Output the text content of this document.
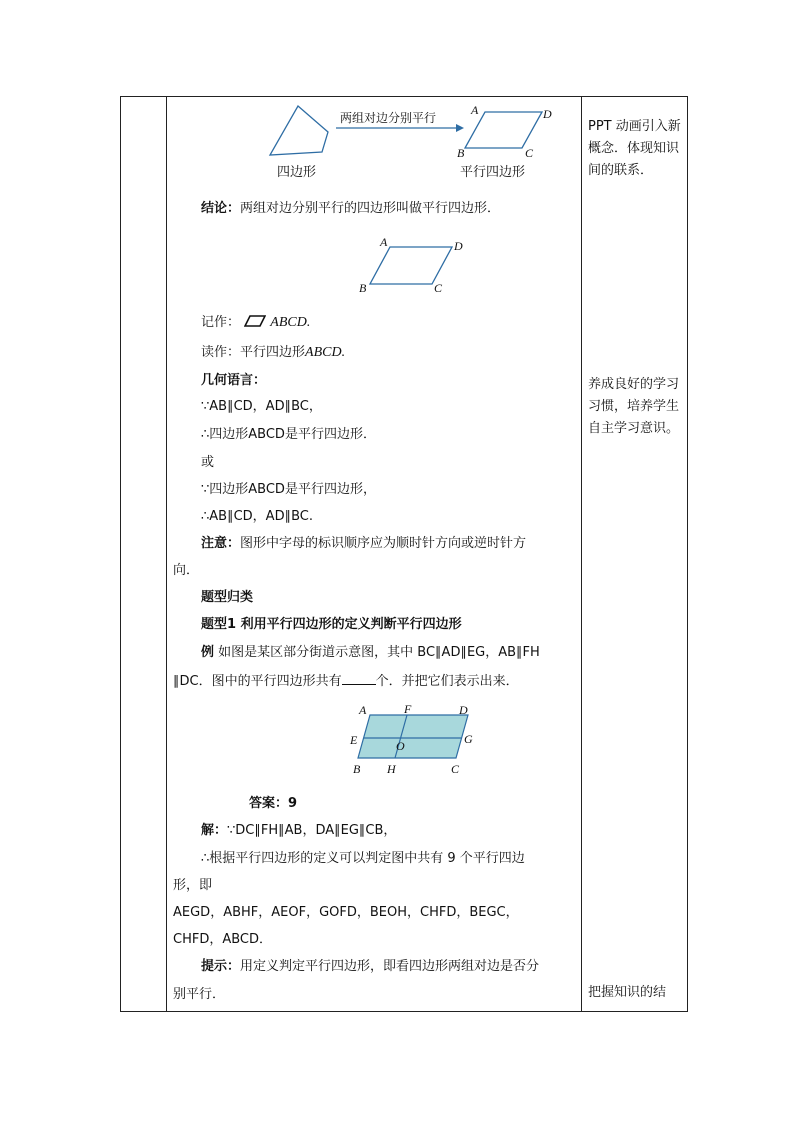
两组对边分别平行
A	D
B	C
四边形	平行四边形
结论：两组对边分别平行的四边形叫做平行四边形．
A	D
B	C
记作： ABCD.
读作：平行四边形ABCD.
几何语言：
∵AB∥CD，AD∥BC，
∴四边形ABCD是平行四边形．
或
∵四边形ABCD是平行四边形，
∴AB∥CD，AD∥BC.
注意：图形中字母的标识顺序应为顺时针方向或逆时针方
向．
题型归类
题型1 利用平行四边形的定义判断平行四边形
例 如图是某区部分街道示意图，其中 BC∥AD∥EG，AB∥FH
∥DC．图中的平行四边形共有	个．并把它们表示出来．
A	F	D
E	O	G
B H	C
答案：9
解：∵DC∥FH∥AB，DA∥EG∥CB，
∴根据平行四边形的定义可以判定图中共有 9 个平行四边
形，即
AEGD，ABHF，AEOF，GOFD，BEOH，CHFD，BEGC，
CHFD，ABCD．
提示：用定义判定平行四边形，即看四边形两组对边是否分
别平行．
PPT 动画引入新概念．体现知识间的联系．
养成良好的学习习惯，培养学生自主学习意识。
把握知识的结
